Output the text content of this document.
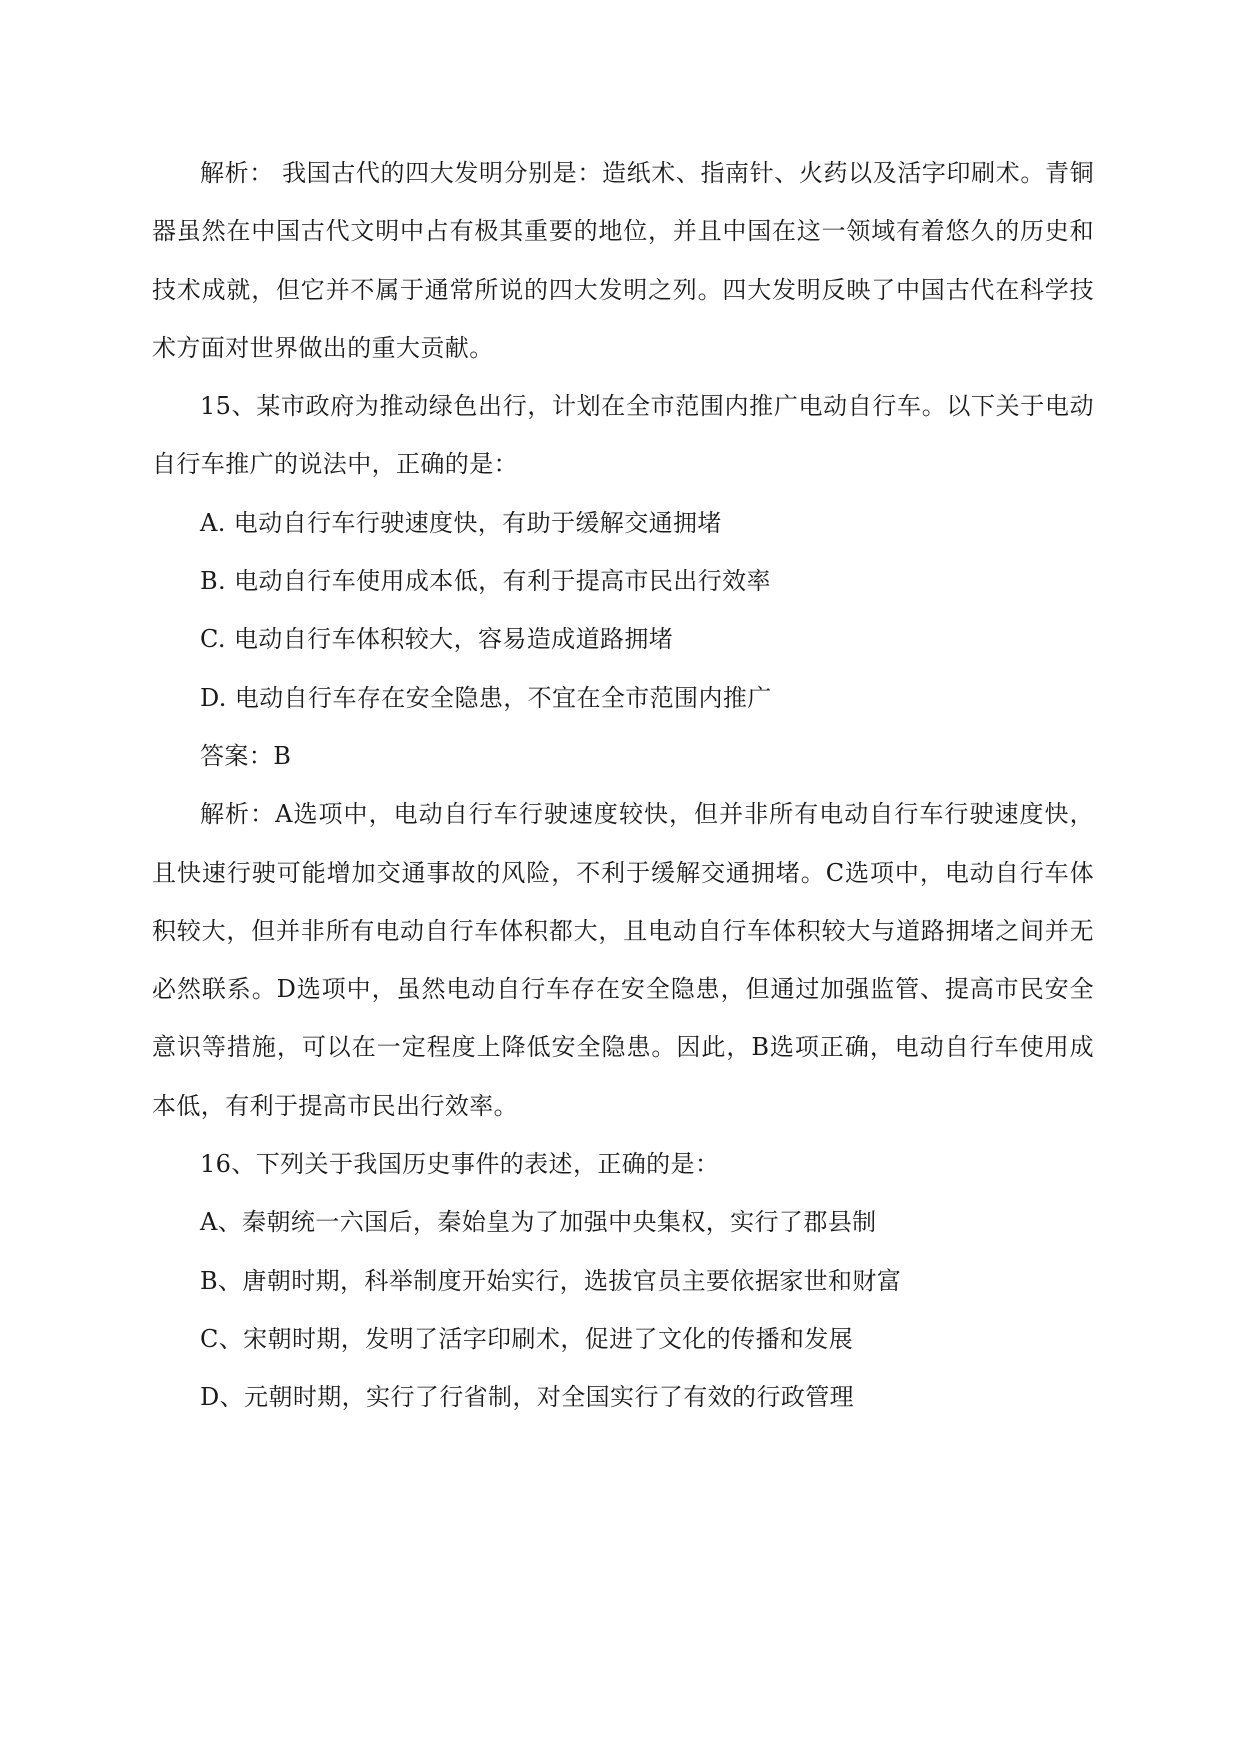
解析： 我国古代的四大发明分别是：造纸术、指南针、火药以及活字印刷术。青铜器虽然在中国古代文明中占有极其重要的地位，并且中国在这一领域有着悠久的历史和技术成就，但它并不属于通常所说的四大发明之列。四大发明反映了中国古代在科学技术方面对世界做出的重大贡献。

15、某市政府为推动绿色出行，计划在全市范围内推广电动自行车。以下关于电动自行车推广的说法中，正确的是：

A. 电动自行车行驶速度快，有助于缓解交通拥堵

B. 电动自行车使用成本低，有利于提高市民出行效率

C. 电动自行车体积较大，容易造成道路拥堵

D. 电动自行车存在安全隐患，不宜在全市范围内推广

答案：B

解析：A选项中，电动自行车行驶速度较快，但并非所有电动自行车行驶速度快，且快速行驶可能增加交通事故的风险，不利于缓解交通拥堵。C选项中，电动自行车体积较大，但并非所有电动自行车体积都大，且电动自行车体积较大与道路拥堵之间并无必然联系。D选项中，虽然电动自行车存在安全隐患，但通过加强监管、提高市民安全意识等措施，可以在一定程度上降低安全隐患。因此，B选项正确，电动自行车使用成本低，有利于提高市民出行效率。

16、下列关于我国历史事件的表述，正确的是：

A、秦朝统一六国后，秦始皇为了加强中央集权，实行了郡县制

B、唐朝时期，科举制度开始实行，选拔官员主要依据家世和财富

C、宋朝时期，发明了活字印刷术，促进了文化的传播和发展

D、元朝时期，实行了行省制，对全国实行了有效的行政管理
